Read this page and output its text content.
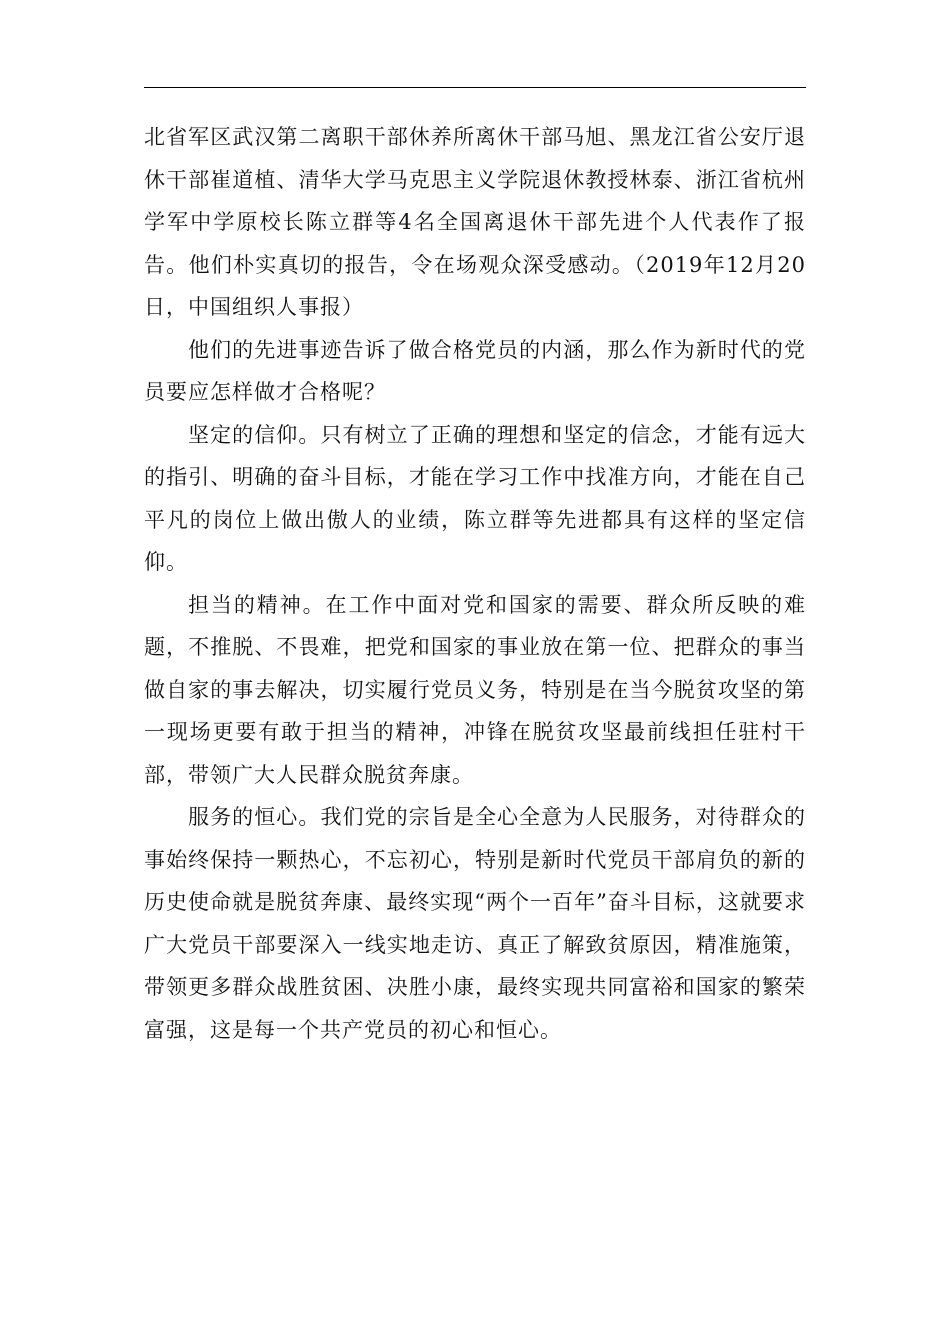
北省军区武汉第二离职干部休养所离休干部马旭、黑龙江省公安厅退休干部崔道植、清华大学马克思主义学院退休教授林泰、浙江省杭州学军中学原校长陈立群等4名全国离退休干部先进个人代表作了报告。他们朴实真切的报告，令在场观众深受感动。（2019年12月20日，中国组织人事报）

他们的先进事迹告诉了做合格党员的内涵，那么作为新时代的党员要应怎样做才合格呢？

坚定的信仰。只有树立了正确的理想和坚定的信念，才能有远大的指引、明确的奋斗目标，才能在学习工作中找准方向，才能在自己平凡的岗位上做出傲人的业绩，陈立群等先进都具有这样的坚定信仰。

担当的精神。在工作中面对党和国家的需要、群众所反映的难题，不推脱、不畏难，把党和国家的事业放在第一位、把群众的事当做自家的事去解决，切实履行党员义务，特别是在当今脱贫攻坚的第一现场更要有敢于担当的精神，冲锋在脱贫攻坚最前线担任驻村干部，带领广大人民群众脱贫奔康。

服务的恒心。我们党的宗旨是全心全意为人民服务，对待群众的事始终保持一颗热心，不忘初心，特别是新时代党员干部肩负的新的历史使命就是脱贫奔康、最终实现“两个一百年”奋斗目标，这就要求广大党员干部要深入一线实地走访、真正了解致贫原因，精准施策，带领更多群众战胜贫困、决胜小康，最终实现共同富裕和国家的繁荣富强，这是每一个共产党员的初心和恒心。
